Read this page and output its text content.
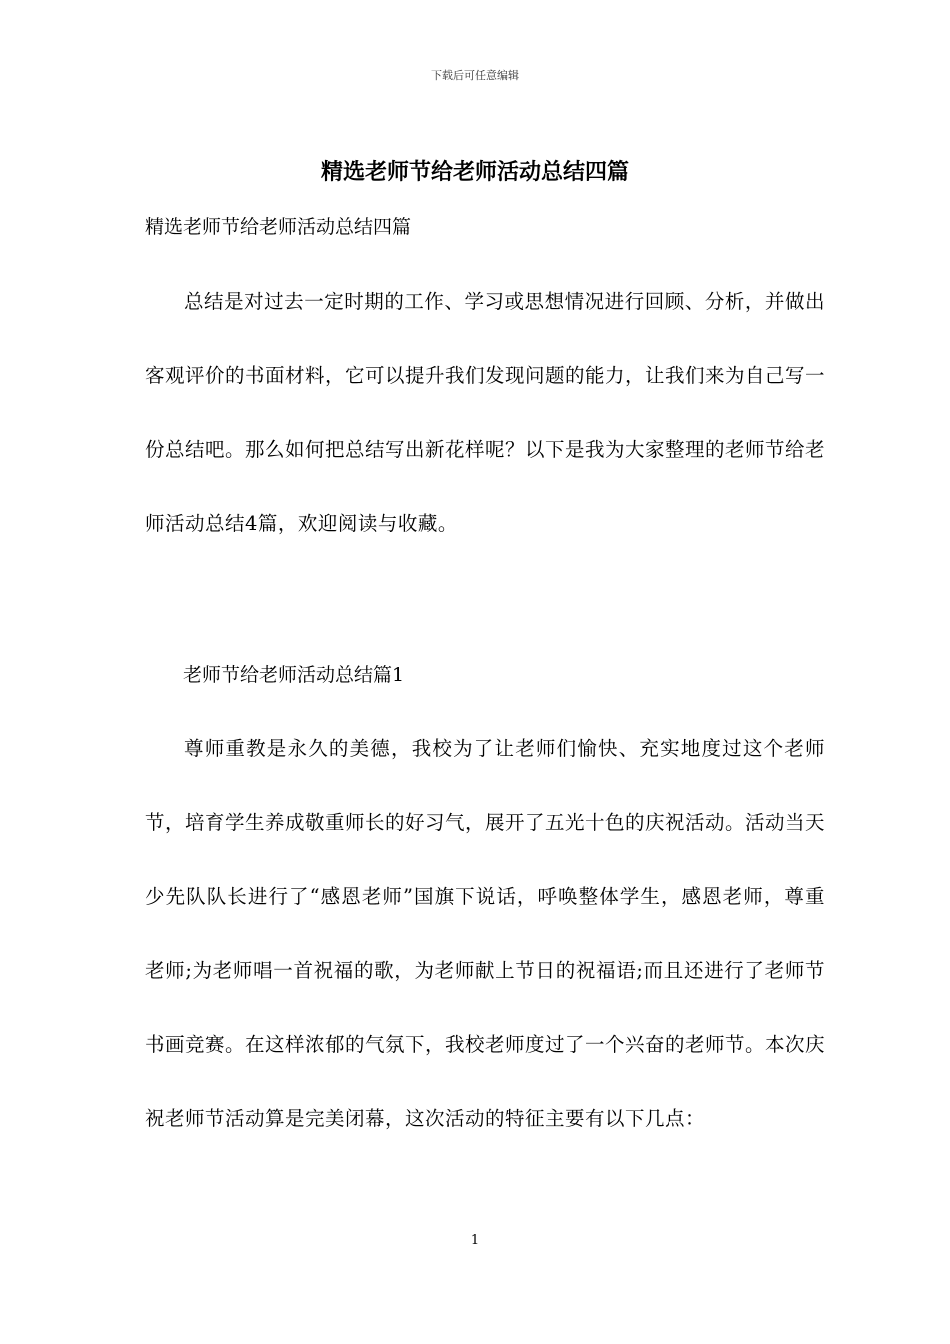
下载后可任意编辑
精选老师节给老师活动总结四篇

精选老师节给老师活动总结四篇

总结是对过去一定时期的工作、学习或思想情况进行回顾、分析，并做出客观评价的书面材料，它可以提升我们发现问题的能力，让我们来为自己写一份总结吧。那么如何把总结写出新花样呢？以下是我为大家整理的老师节给老师活动总结4篇，欢迎阅读与收藏。

老师节给老师活动总结篇1

尊师重教是永久的美德，我校为了让老师们愉快、充实地度过这个老师节，培育学生养成敬重师长的好习气，展开了五光十色的庆祝活动。活动当天少先队队长进行了“感恩老师”国旗下说话，呼唤整体学生，感恩老师，尊重老师;为老师唱一首祝福的歌，为老师献上节日的祝福语;而且还进行了老师节书画竞赛。在这样浓郁的气氛下，我校老师度过了一个兴奋的老师节。本次庆祝老师节活动算是完美闭幕，这次活动的特征主要有以下几点：

1
